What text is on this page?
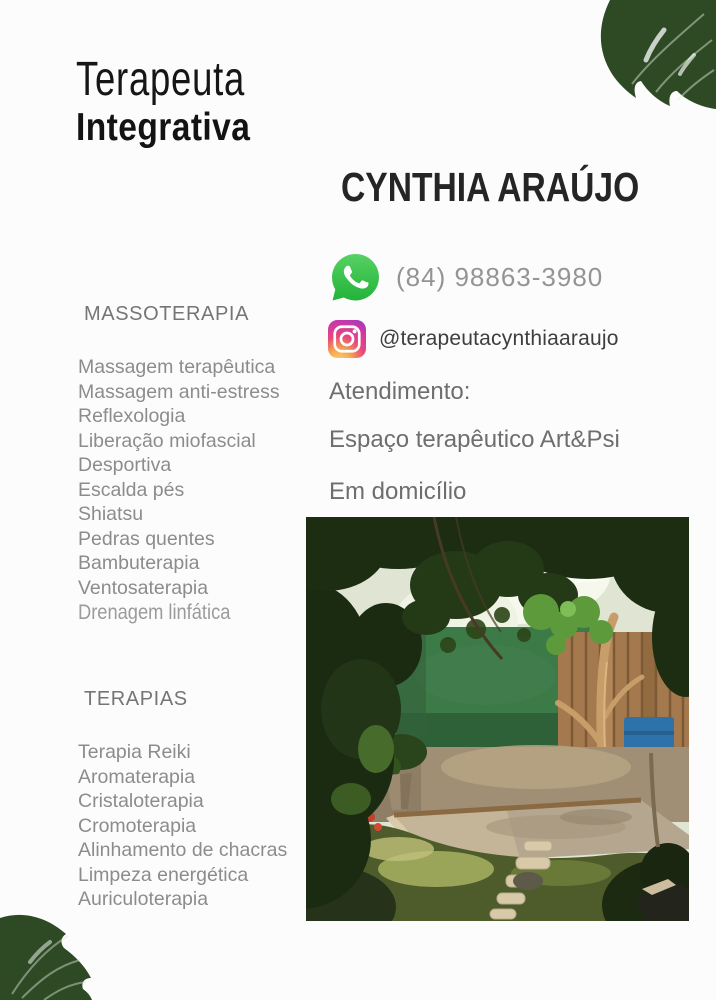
Terapeuta
Integrativa
CYNTHIA ARAÚJO
(84) 98863-3980
@terapeutacynthiaaraujo
Atendimento:
Espaço terapêutico Art&Psi
Em domicílio
MASSOTERAPIA
Massagem terapêutica
Massagem anti-estress
Reflexologia
Liberação miofascial
Desportiva
Escalda pés
Shiatsu
Pedras quentes
Bambuterapia
Ventosaterapia
Drenagem linfática
TERAPIAS
Terapia Reiki
Aromaterapia
Cristaloterapia
Cromoterapia
Alinhamento de chacras
Limpeza energética
Auriculoterapia
